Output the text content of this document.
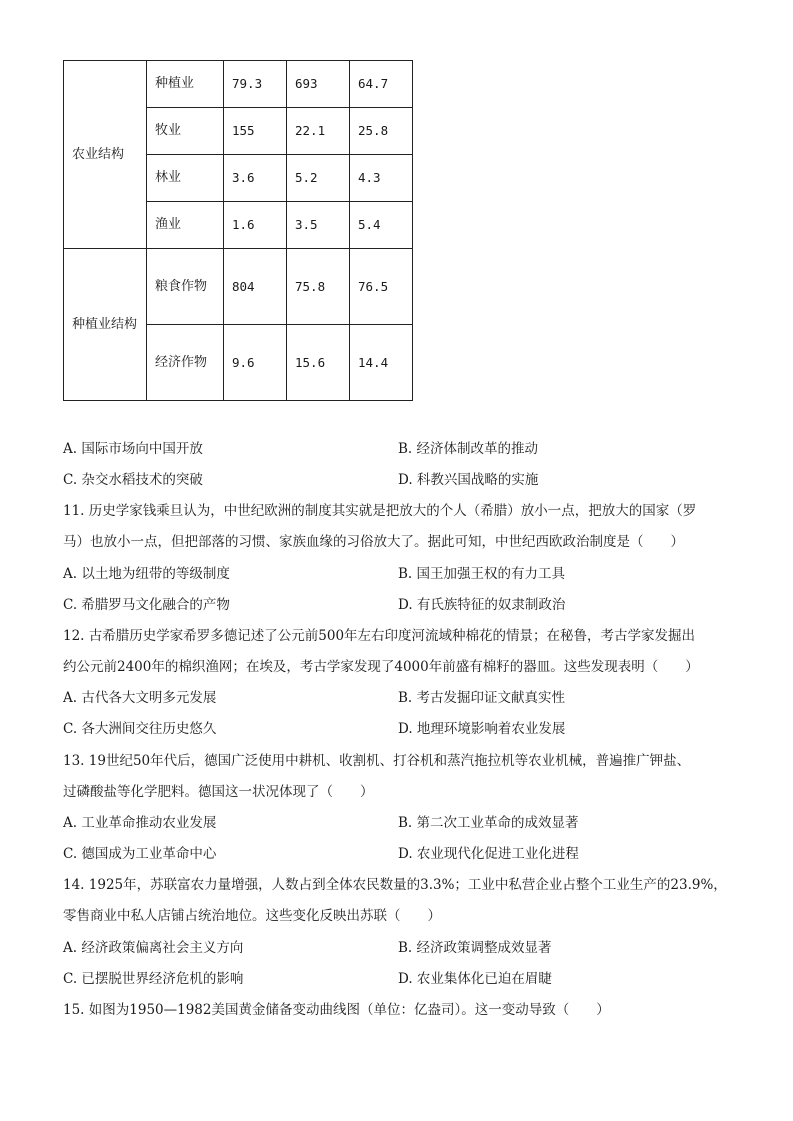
农业结构	种植业	79.3	693	64.7
	牧业	155	22.1	25.8
	林业	3.6	5.2	4.3
	渔业	1.6	3.5	5.4
种植业结构	粮食作物	804	75.8	76.5
	经济作物	9.6	15.6	14.4
A. 国际市场向中国开放	B. 经济体制改革的推动
C. 杂交水稻技术的突破	D. 科教兴国战略的实施
11. 历史学家钱乘旦认为，中世纪欧洲的制度其实就是把放大的个人（希腊）放小一点，把放大的国家（罗
马）也放小一点，但把部落的习惯、家族血缘的习俗放大了。据此可知，中世纪西欧政治制度是（　　）
A. 以土地为纽带的等级制度	B. 国王加强王权的有力工具
C. 希腊罗马文化融合的产物	D. 有氏族特征的奴隶制政治
12. 古希腊历史学家希罗多德记述了公元前500年左右印度河流域种棉花的情景；在秘鲁，考古学家发掘出
约公元前2400年的棉织渔网；在埃及，考古学家发现了4000年前盛有棉籽的器皿。这些发现表明（　　）
A. 古代各大文明多元发展	B. 考古发掘印证文献真实性
C. 各大洲间交往历史悠久	D. 地理环境影响着农业发展
13. 19世纪50年代后，德国广泛使用中耕机、收割机、打谷机和蒸汽拖拉机等农业机械，普遍推广钾盐、
过磷酸盐等化学肥料。德国这一状况体现了（　　）
A. 工业革命推动农业发展	B. 第二次工业革命的成效显著
C. 德国成为工业革命中心	D. 农业现代化促进工业化进程
14. 1925年，苏联富农力量增强，人数占到全体农民数量的3.3%；工业中私营企业占整个工业生产的23.9%，
零售商业中私人店铺占统治地位。这些变化反映出苏联（　　）
A. 经济政策偏离社会主义方向	B. 经济政策调整成效显著
C. 已摆脱世界经济危机的影响	D. 农业集体化已迫在眉睫
15. 如图为1950—1982美国黄金储备变动曲线图（单位：亿盎司）。这一变动导致（　　）
